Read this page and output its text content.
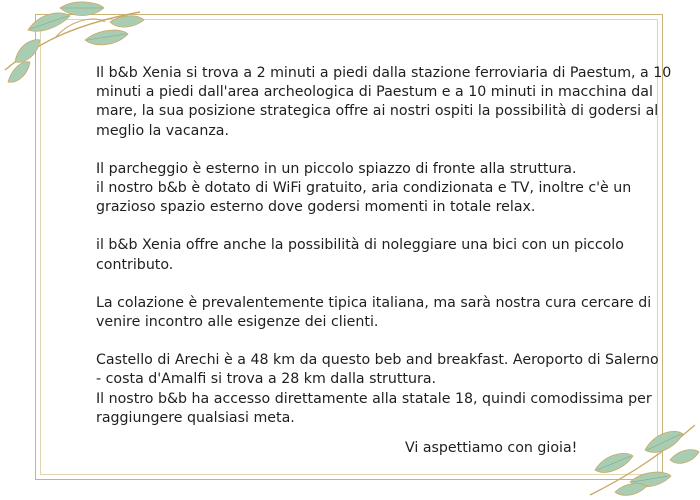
Il b&b Xenia si trova a 2 minuti a piedi dalla stazione ferroviaria di Paestum, a 10
minuti a piedi dall'area archeologica di Paestum e a 10 minuti in macchina dal
mare, la sua posizione strategica offre ai nostri ospiti la possibilità di godersi al
meglio la vacanza.

Il parcheggio è esterno in un piccolo spiazzo di fronte alla struttura.
il nostro b&b è dotato di WiFi gratuito, aria condizionata e TV, inoltre c'è un
grazioso spazio esterno dove godersi momenti in totale relax.

il b&b Xenia offre anche la possibilità di noleggiare una bici con un piccolo
contributo.

La colazione è prevalentemente tipica italiana, ma sarà nostra cura cercare di
venire incontro alle esigenze dei clienti.

Castello di Arechi è a 48 km da questo beb and breakfast. Aeroporto di Salerno
- costa d'Amalfi si trova a 28 km dalla struttura.
Il nostro b&b ha accesso direttamente alla statale 18, quindi comodissima per
raggiungere qualsiasi meta.

Vi aspettiamo con gioia!
